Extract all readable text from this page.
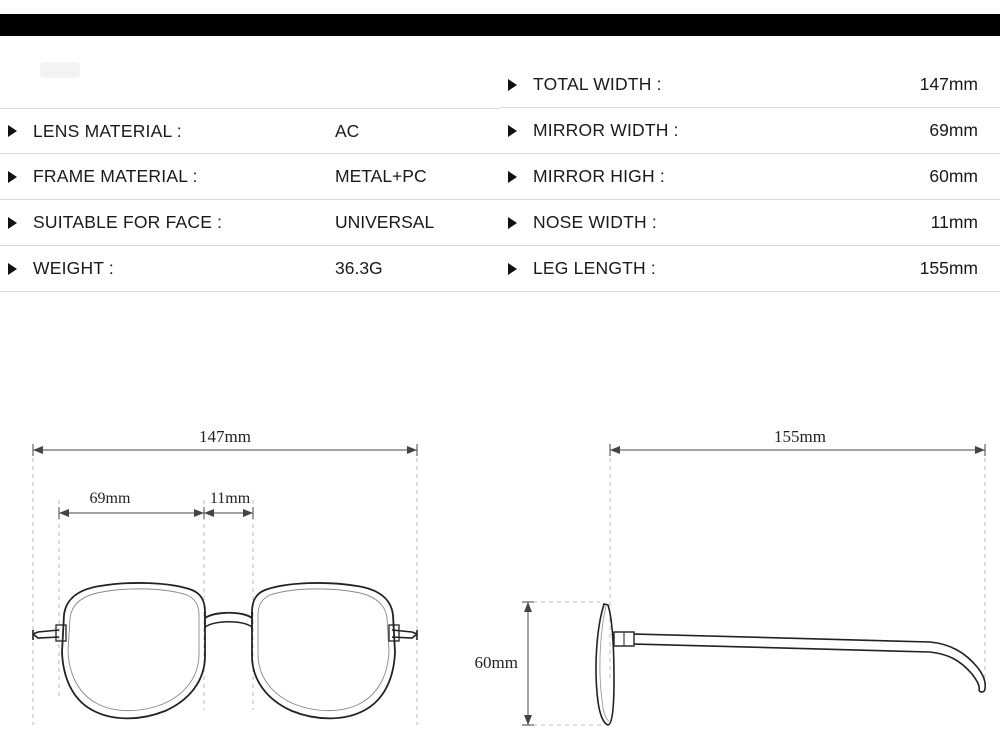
LENS MATERIAL :	AC
FRAME MATERIAL :	METAL+PC
SUITABLE FOR FACE :	UNIVERSAL
WEIGHT :	36.3G
TOTAL WIDTH :	147mm
MIRROR WIDTH :	69mm
MIRROR HIGH :	60mm
NOSE WIDTH :	11mm
LEG LENGTH :	155mm
147mm
69mm	11mm
155mm
60mm
